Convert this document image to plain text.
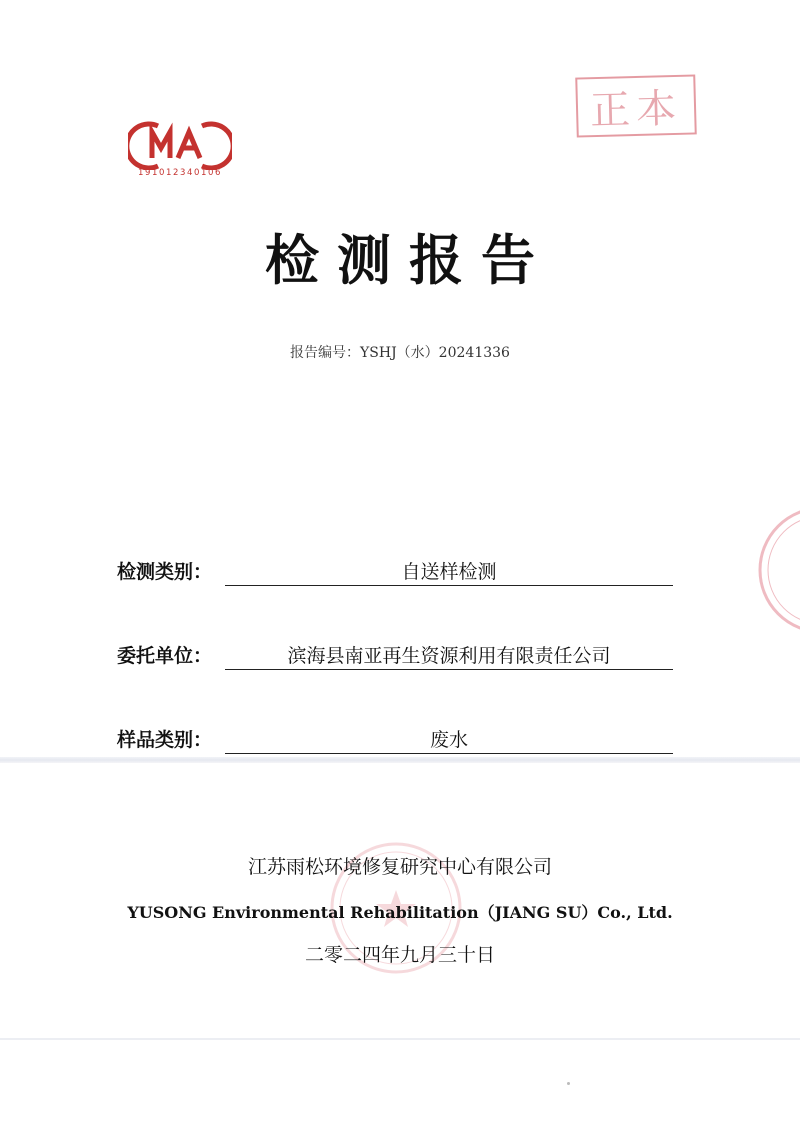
191012340106
正本
检测报告
报告编号：YSHJ（水）20241336
检测类别：	自送样检测
委托单位：	滨海县南亚再生资源利用有限责任公司
样品类别：	废水
江苏雨松环境修复研究中心有限公司
YUSONG Environmental Rehabilitation（JIANG SU）Co., Ltd.
二零二四年九月三十日
